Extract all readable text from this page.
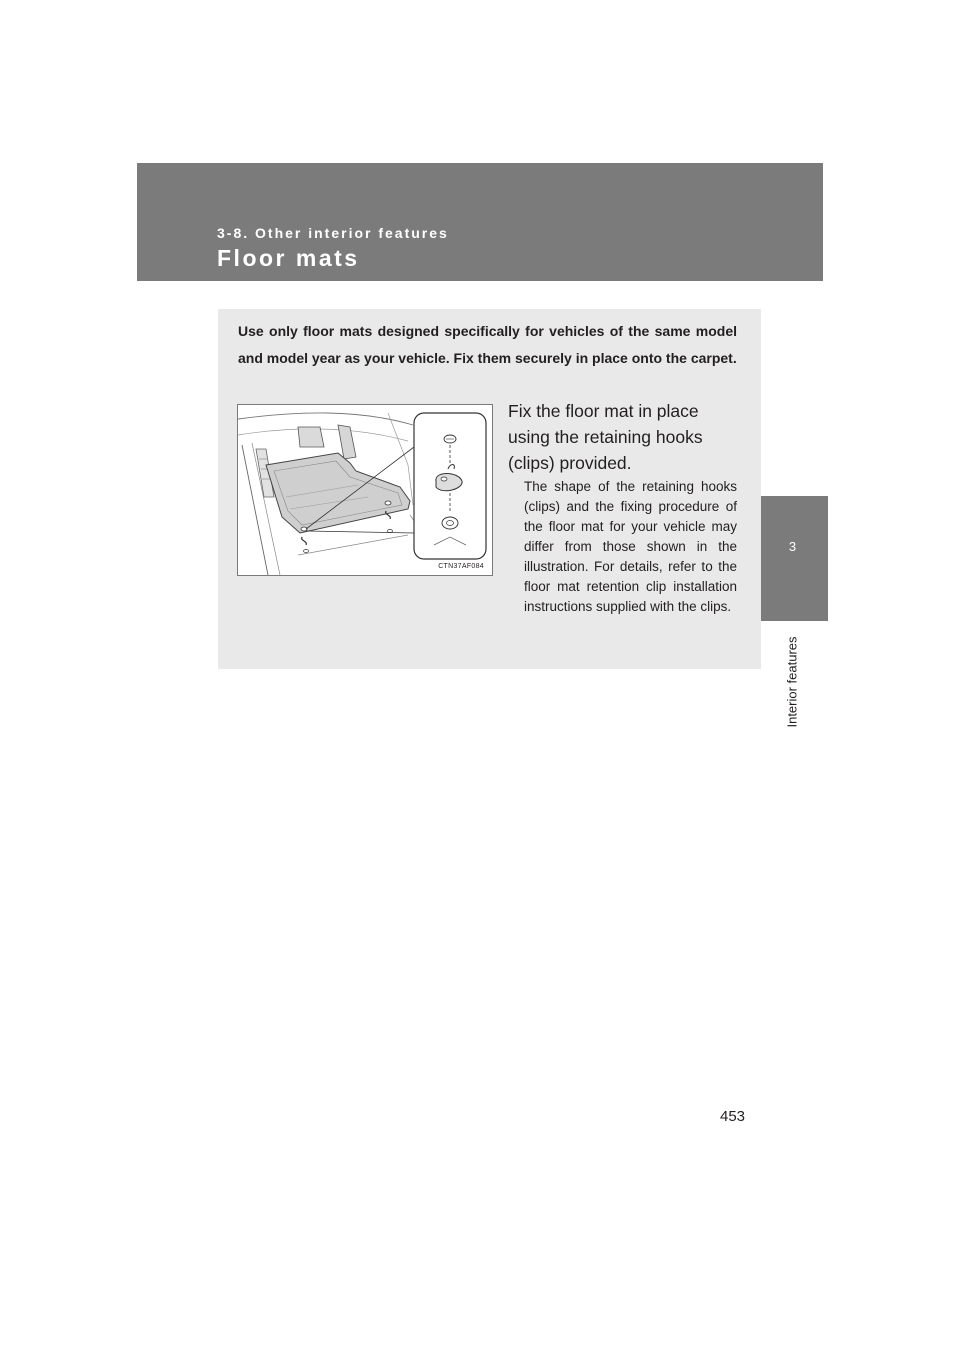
3-8. Other interior features
Floor mats
3
Interior features
Use only floor mats designed specifically for vehicles of the same model and model year as your vehicle. Fix them securely in place onto the carpet.
CTN37AF084
Fix the floor mat in place using the retaining hooks (clips) provided.
The shape of the retaining hooks (clips) and the fixing procedure of the floor mat for your vehicle may differ from those shown in the illustration. For details, refer to the floor mat retention clip installation instructions supplied with the clips.
453
